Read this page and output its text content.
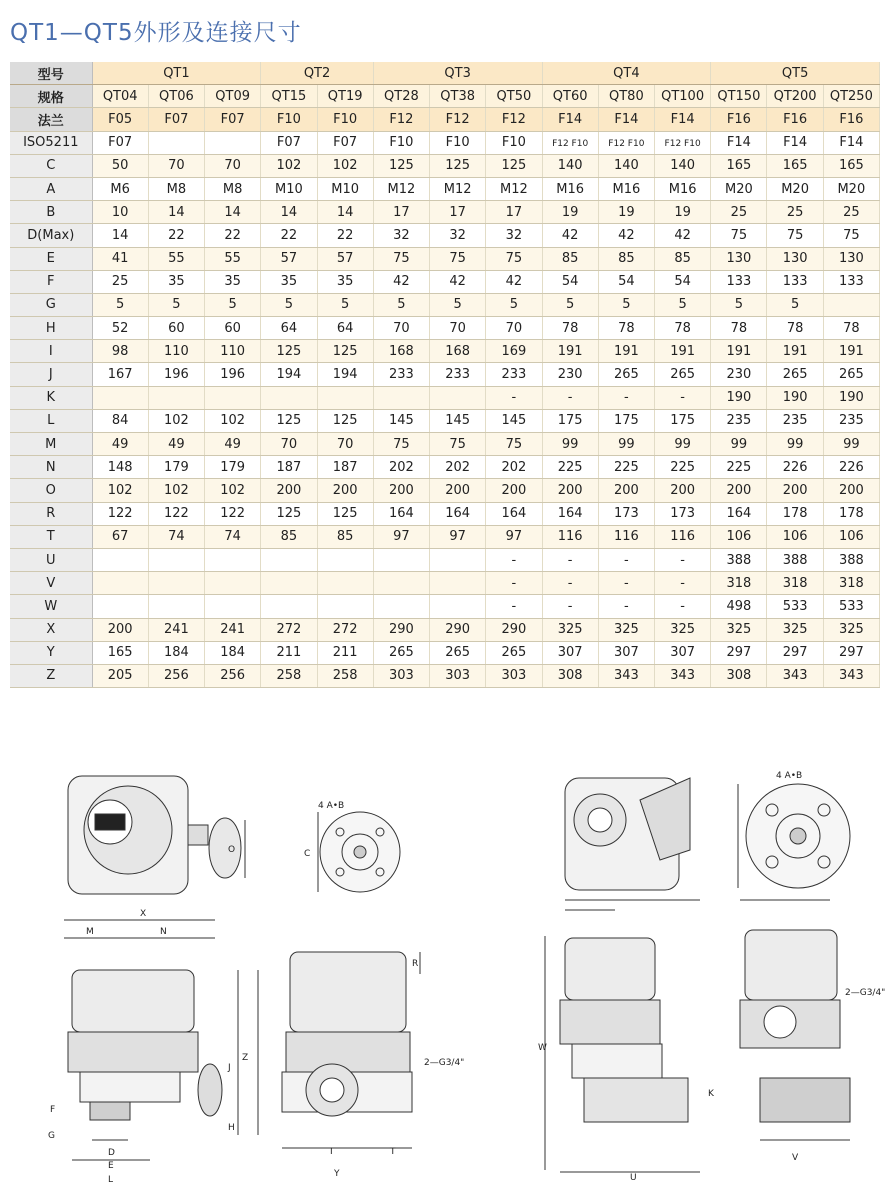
QT1—QT5外形及连接尺寸
型号	QT1			QT2		QT3			QT4			QT5		
规格	QT04	QT06	QT09	QT15	QT19	QT28	QT38	QT50	QT60	QT80	QT100	QT150	QT200	QT250
法兰	F05	F07	F07	F10	F10	F12	F12	F12	F14	F14	F14	F16	F16	F16
ISO5211	F07			F07	F07	F10	F10	F10	F12 F10	F12 F10	F12 F10	F14	F14	F14
C	50	70	70	102	102	125	125	125	140	140	140	165	165	165
A	M6	M8	M8	M10	M10	M12	M12	M12	M16	M16	M16	M20	M20	M20
B	10	14	14	14	14	17	17	17	19	19	19	25	25	25
D(Max)	14	22	22	22	22	32	32	32	42	42	42	75	75	75
E	41	55	55	57	57	75	75	75	85	85	85	130	130	130
F	25	35	35	35	35	42	42	42	54	54	54	133	133	133
G	5	5	5	5	5	5	5	5	5	5	5	5	5	
H	52	60	60	64	64	70	70	70	78	78	78	78	78	78
I	98	110	110	125	125	168	168	169	191	191	191	191	191	191
J	167	196	196	194	194	233	233	233	230	265	265	230	265	265
K								-	-	-	-	190	190	190
L	84	102	102	125	125	145	145	145	175	175	175	235	235	235
M	49	49	49	70	70	75	75	75	99	99	99	99	99	99
N	148	179	179	187	187	202	202	202	225	225	225	225	226	226
O	102	102	102	200	200	200	200	200	200	200	200	200	200	200
R	122	122	122	125	125	164	164	164	164	173	173	164	178	178
T	67	74	74	85	85	97	97	97	116	116	116	106	106	106
U								-	-	-	-	388	388	388
V								-	-	-	-	318	318	318
W								-	-	-	-	498	533	533
X	200	241	241	272	272	290	290	290	325	325	325	325	325	325
Y	165	184	184	211	211	265	265	265	307	307	307	297	297	297
Z	205	256	256	258	258	303	303	303	308	343	343	308	343	343
4 A•B
4 A•B
2—G3/4"
2—G3/4"
X
M	N
J
Z
H
F
G
D
E
L
R
I	T
Y
C
O
W
K
U
V
